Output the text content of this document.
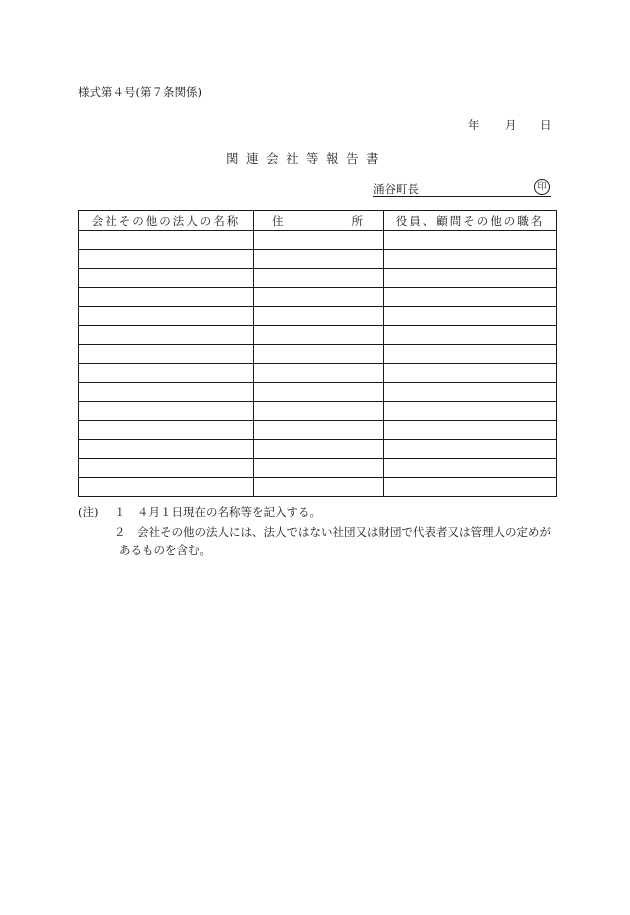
様式第４号(第７条関係)
年 月 日
関連会社等報告書
涌谷町長	印
会社その他の法人の名称	住 所	役員、顧問その他の職名

(注) １　４月１日現在の名称等を記入する。
２　会社その他の法人には、法人ではない社団又は財団で代表者又は管理人の定めが
あるものを含む。
